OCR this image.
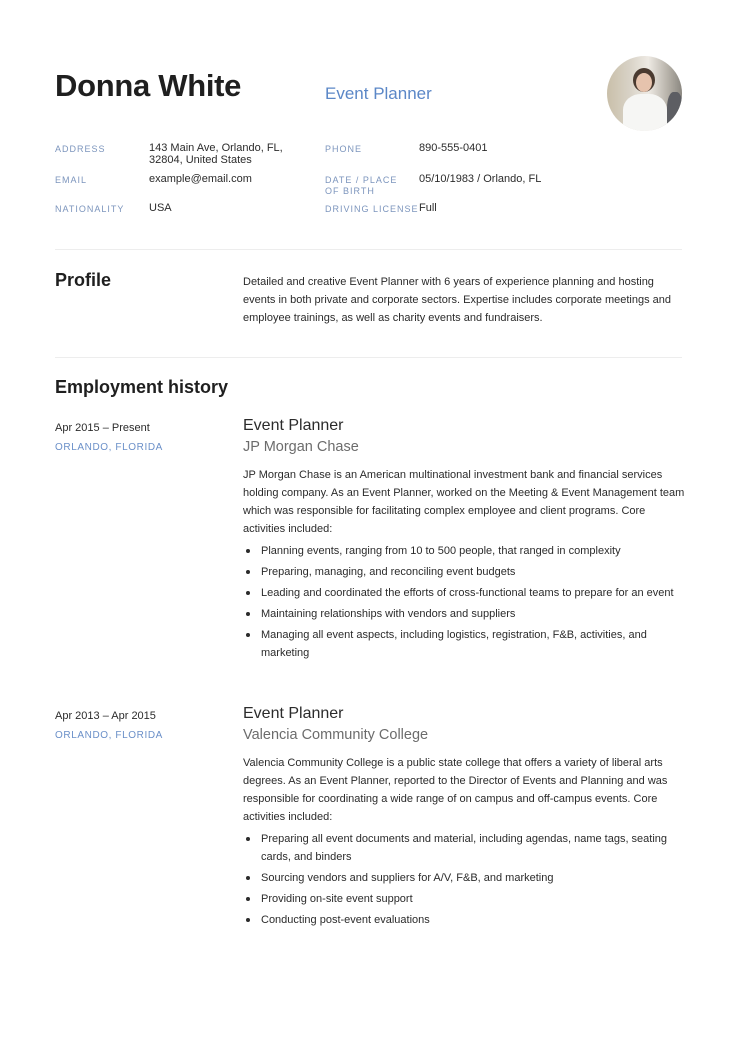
Donna White	Event Planner
ADDRESS	143 Main Ave, Orlando, FL, 32804, United States
EMAIL	example@email.com
NATIONALITY USA
PHONE	890-555-0401
DATE / PLACE OF BIRTH
05/10/1983 / Orlando, FL
DRIVING LICENSE Full
Profile	Detailed and creative Event Planner with 6 years of experience planning and hosting events in both private and corporate sectors. Expertise includes corporate meetings and employee trainings, as well as charity events and fundraisers.
Employment history
Apr 2015 – Present
ORLANDO, FLORIDA
Event Planner
JP Morgan Chase
JP Morgan Chase is an American multinational investment bank and financial services holding company. As an Event Planner, worked on the Meeting & Event Management team which was responsible for facilitating complex employee and client programs. Core activities included:
Planning events, ranging from 10 to 500 people, that ranged in complexity
Preparing, managing, and reconciling event budgets
Leading and coordinated the efforts of cross-functional teams to prepare for an event
Maintaining relationships with vendors and suppliers
Managing all event aspects, including logistics, registration, F&B, activities, and marketing
Apr 2013 – Apr 2015
ORLANDO, FLORIDA
Event Planner
Valencia Community College
Valencia Community College is a public state college that offers a variety of liberal arts degrees. As an Event Planner, reported to the Director of Events and Planning and was responsible for coordinating a wide range of on campus and off-campus events. Core activities included:
Preparing all event documents and material, including agendas, name tags, seating cards, and binders
Sourcing vendors and suppliers for A/V, F&B, and marketing
Providing on-site event support
Conducting post-event evaluations
